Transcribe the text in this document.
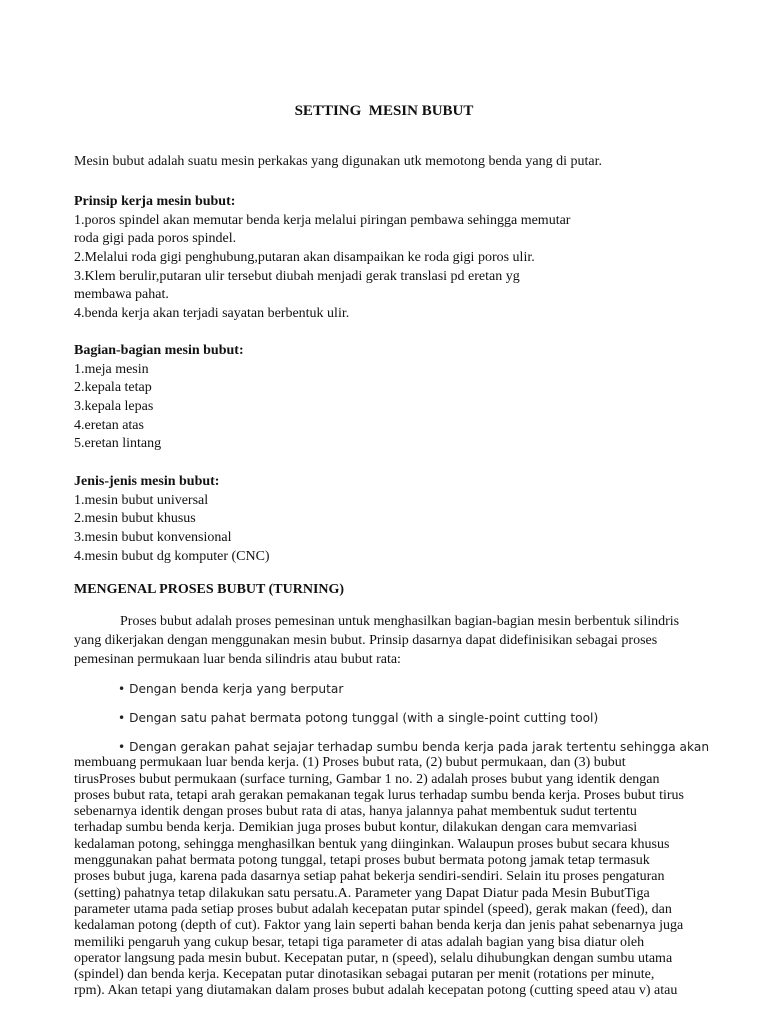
SETTING  MESIN BUBUT
Mesin bubut adalah suatu mesin perkakas yang digunakan utk memotong benda yang di putar.
Prinsip kerja mesin bubut:
1.poros spindel akan memutar benda kerja melalui piringan pembawa sehingga memutar
roda gigi pada poros spindel.
2.Melalui roda gigi penghubung,putaran akan disampaikan ke roda gigi poros ulir.
3.Klem berulir,putaran ulir tersebut diubah menjadi gerak translasi pd eretan yg
membawa pahat.
4.benda kerja akan terjadi sayatan berbentuk ulir.
Bagian-bagian mesin bubut:
1.meja mesin
2.kepala tetap
3.kepala lepas
4.eretan atas
5.eretan lintang
Jenis-jenis mesin bubut:
1.mesin bubut universal
2.mesin bubut khusus
3.mesin bubut konvensional
4.mesin bubut dg komputer (CNC)
MENGENAL PROSES BUBUT (TURNING)
Proses bubut adalah proses pemesinan untuk menghasilkan bagian-bagian mesin berbentuk silindris
yang dikerjakan dengan menggunakan mesin bubut. Prinsip dasarnya dapat didefinisikan sebagai proses
pemesinan permukaan luar benda silindris atau bubut rata:
• Dengan benda kerja yang berputar
• Dengan satu pahat bermata potong tunggal (with a single-point cutting tool)
• Dengan gerakan pahat sejajar terhadap sumbu benda kerja pada jarak tertentu sehingga akan
membuang permukaan luar benda kerja. (1) Proses bubut rata, (2) bubut permukaan, dan (3) bubut
tirusProses bubut permukaan (surface turning, Gambar 1 no. 2) adalah proses bubut yang identik dengan
proses bubut rata, tetapi arah gerakan pemakanan tegak lurus terhadap sumbu benda kerja. Proses bubut tirus
sebenarnya identik dengan proses bubut rata di atas, hanya jalannya pahat membentuk sudut tertentu
terhadap sumbu benda kerja. Demikian juga proses bubut kontur, dilakukan dengan cara memvariasi
kedalaman potong, sehingga menghasilkan bentuk yang diinginkan. Walaupun proses bubut secara khusus
menggunakan pahat bermata potong tunggal, tetapi proses bubut bermata potong jamak tetap termasuk
proses bubut juga, karena pada dasarnya setiap pahat bekerja sendiri-sendiri. Selain itu proses pengaturan
(setting) pahatnya tetap dilakukan satu persatu.A. Parameter yang Dapat Diatur pada Mesin BubutTiga
parameter utama pada setiap proses bubut adalah kecepatan putar spindel (speed), gerak makan (feed), dan
kedalaman potong (depth of cut). Faktor yang lain seperti bahan benda kerja dan jenis pahat sebenarnya juga
memiliki pengaruh yang cukup besar, tetapi tiga parameter di atas adalah bagian yang bisa diatur oleh
operator langsung pada mesin bubut. Kecepatan putar, n (speed), selalu dihubungkan dengan sumbu utama
(spindel) dan benda kerja. Kecepatan putar dinotasikan sebagai putaran per menit (rotations per minute,
rpm). Akan tetapi yang diutamakan dalam proses bubut adalah kecepatan potong (cutting speed atau v) atau
